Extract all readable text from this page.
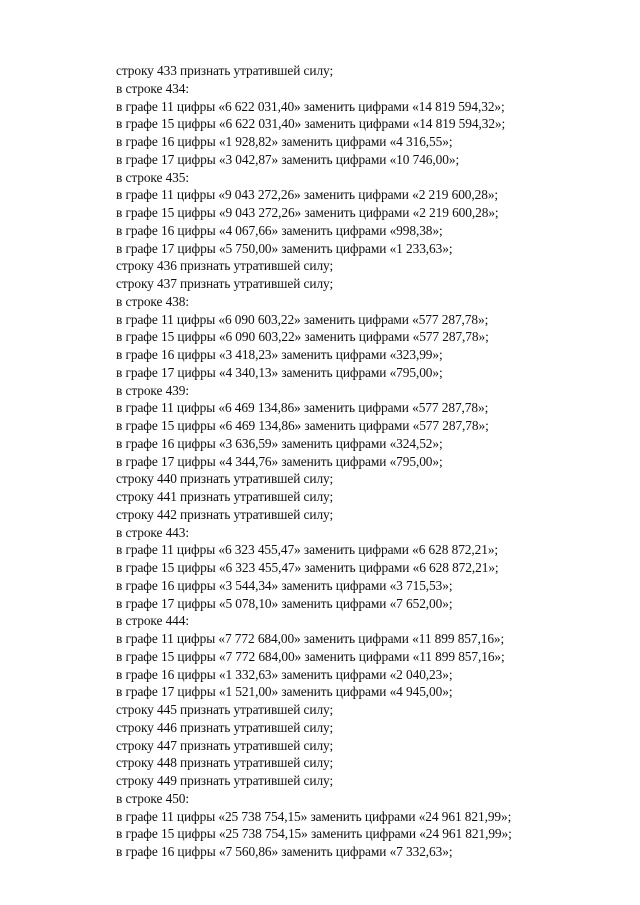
строку 433 признать утратившей силу;
в строке 434:
в графе 11 цифры «6 622 031,40» заменить цифрами «14 819 594,32»;
в графе 15 цифры «6 622 031,40» заменить цифрами «14 819 594,32»;
в графе 16 цифры «1 928,82» заменить цифрами «4 316,55»;
в графе 17 цифры «3 042,87» заменить цифрами «10 746,00»;
в строке 435:
в графе 11 цифры «9 043 272,26» заменить цифрами «2 219 600,28»;
в графе 15 цифры «9 043 272,26» заменить цифрами «2 219 600,28»;
в графе 16 цифры «4 067,66» заменить цифрами «998,38»;
в графе 17 цифры «5 750,00» заменить цифрами «1 233,63»;
строку 436 признать утратившей силу;
строку 437 признать утратившей силу;
в строке 438:
в графе 11 цифры «6 090 603,22» заменить цифрами «577 287,78»;
в графе 15 цифры «6 090 603,22» заменить цифрами «577 287,78»;
в графе 16 цифры «3 418,23» заменить цифрами «323,99»;
в графе 17 цифры «4 340,13» заменить цифрами «795,00»;
в строке 439:
в графе 11 цифры «6 469 134,86» заменить цифрами «577 287,78»;
в графе 15 цифры «6 469 134,86» заменить цифрами «577 287,78»;
в графе 16 цифры «3 636,59» заменить цифрами «324,52»;
в графе 17 цифры «4 344,76» заменить цифрами «795,00»;
строку 440 признать утратившей силу;
строку 441 признать утратившей силу;
строку 442 признать утратившей силу;
в строке 443:
в графе 11 цифры «6 323 455,47» заменить цифрами «6 628 872,21»;
в графе 15 цифры «6 323 455,47» заменить цифрами «6 628 872,21»;
в графе 16 цифры «3 544,34» заменить цифрами «3 715,53»;
в графе 17 цифры «5 078,10» заменить цифрами «7 652,00»;
в строке 444:
в графе 11 цифры «7 772 684,00» заменить цифрами «11 899 857,16»;
в графе 15 цифры «7 772 684,00» заменить цифрами «11 899 857,16»;
в графе 16 цифры «1 332,63» заменить цифрами «2 040,23»;
в графе 17 цифры «1 521,00» заменить цифрами «4 945,00»;
строку 445 признать утратившей силу;
строку 446 признать утратившей силу;
строку 447 признать утратившей силу;
строку 448 признать утратившей силу;
строку 449 признать утратившей силу;
в строке 450:
в графе 11 цифры «25 738 754,15» заменить цифрами «24 961 821,99»;
в графе 15 цифры «25 738 754,15» заменить цифрами «24 961 821,99»;
в графе 16 цифры «7 560,86» заменить цифрами «7 332,63»;
